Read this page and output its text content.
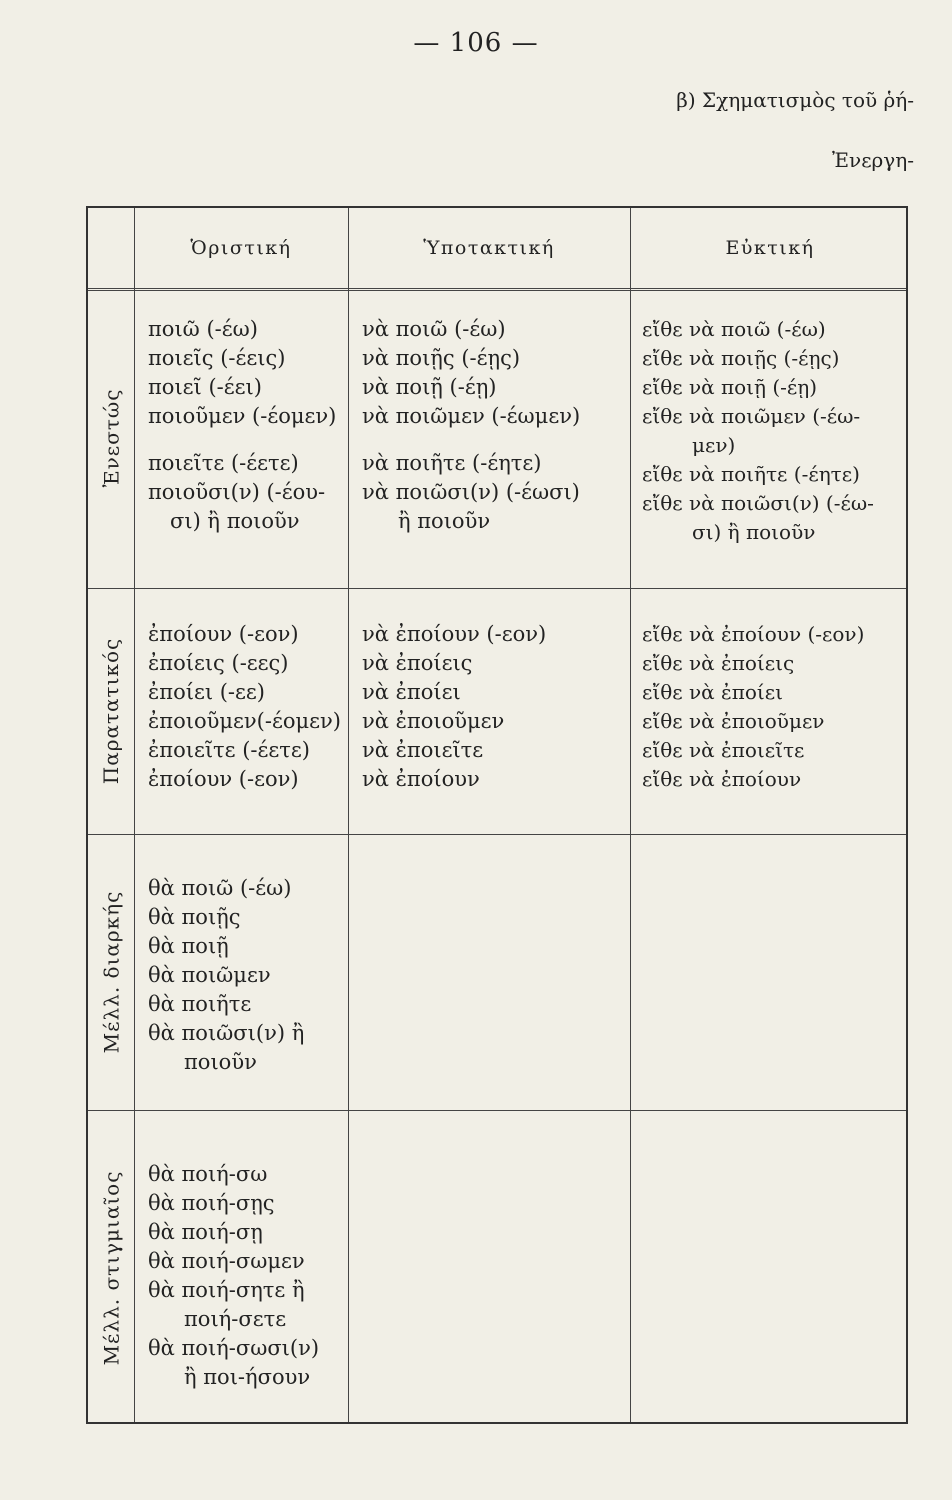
— 106 —
β) Σχηματισμὸς τοῦ ῥή-
Ἐνεργη-
Ὁριστική	Ὑποτακτική	Εὐκτική
Ἐνεστώς
Παρατατικός
Μέλλ. διαρκής
Μέλλ. στιγμιαῖος
ποιῶ (-έω)
ποιεῖς (-έεις)
ποιεῖ (-έει)
ποιοῦμεν (-έομεν)
ποιεῖτε (-έετε)
ποιοῦσι(ν) (-έου-
σι) ἢ ποιοῦν
νὰ ποιῶ (-έω)
νὰ ποιῇς (-έῃς)
νὰ ποιῇ (-έῃ)
νὰ ποιῶμεν (-έωμεν)
νὰ ποιῆτε (-έητε)
νὰ ποιῶσι(ν) (-έωσι)
ἢ ποιοῦν
εἴθε νὰ ποιῶ (-έω)
εἴθε νὰ ποιῇς (-έῃς)
εἴθε νὰ ποιῇ (-έῃ)
εἴθε νὰ ποιῶμεν (-έω-
μεν)
εἴθε νὰ ποιῆτε (-έητε)
εἴθε νὰ ποιῶσι(ν) (-έω-
σι) ἢ ποιοῦν
ἐποίουν (-εον)
ἐποίεις (-εες)
ἐποίει (-εε)
ἐποιοῦμεν(-έομεν)
ἐποιεῖτε (-έετε)
ἐποίουν (-εον)
νὰ ἐποίουν (-εον)
νὰ ἐποίεις
νὰ ἐποίει
νὰ ἐποιοῦμεν
νὰ ἐποιεῖτε
νὰ ἐποίουν
εἴθε νὰ ἐποίουν (-εον)
εἴθε νὰ ἐποίεις
εἴθε νὰ ἐποίει
εἴθε νὰ ἐποιοῦμεν
εἴθε νὰ ἐποιεῖτε
εἴθε νὰ ἐποίουν
θὰ ποιῶ (-έω)
θὰ ποιῇς
θὰ ποιῇ
θὰ ποιῶμεν
θὰ ποιῆτε
θὰ ποιῶσι(ν) ἢ
ποιοῦν
θὰ ποιή-σω
θὰ ποιή-σῃς
θὰ ποιή-σῃ
θὰ ποιή-σωμεν
θὰ ποιή-σητε ἢ
ποιή-σετε
θὰ ποιή-σωσι(ν)
ἢ ποι-ήσουν
